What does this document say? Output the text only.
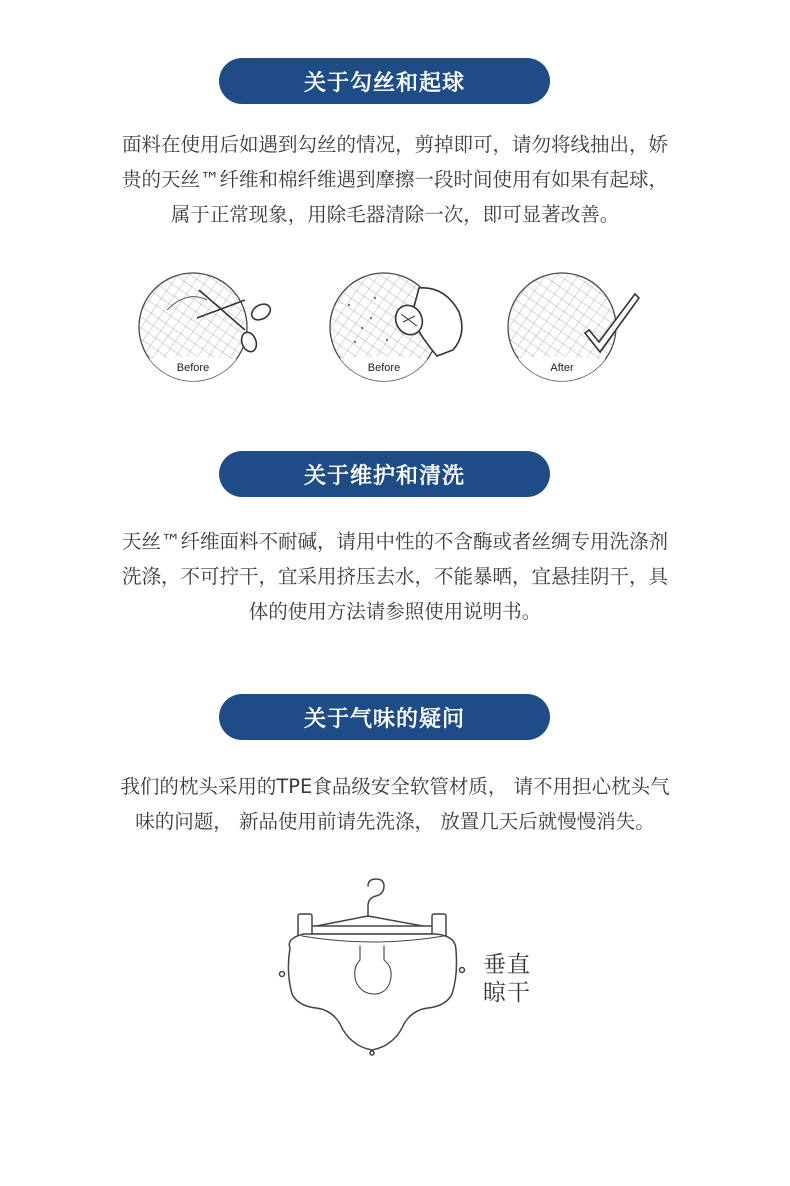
关于勾丝和起球
面料在使用后如遇到勾丝的情况，剪掉即可，请勿将线抽出，娇
贵的天丝™纤维和棉纤维遇到摩擦一段时间使用有如果有起球，
属于正常现象，用除毛器清除一次，即可显著改善。
Before	Before	After
关于维护和清洗
天丝™纤维面料不耐碱，请用中性的不含酶或者丝绸专用洗涤剂
洗涤，不可拧干，宜采用挤压去水，不能暴晒，宜悬挂阴干，具
体的使用方法请参照使用说明书。
关于气味的疑问
我们的枕头采用的TPE食品级安全软管材质， 请不用担心枕头气
味的问题， 新品使用前请先洗涤， 放置几天后就慢慢消失。
垂直
晾干
